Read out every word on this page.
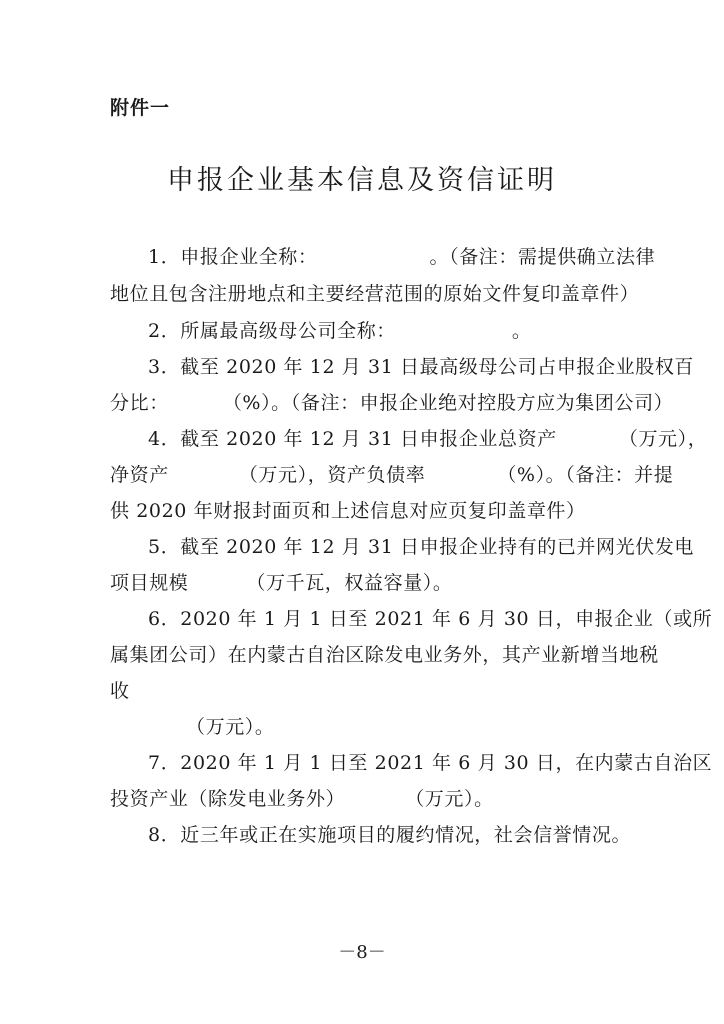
附件一
申报企业基本信息及资信证明
1．申报企业全称：	。（备注：需提供确立法律
地位且包含注册地点和主要经营范围的原始文件复印盖章件）
2．所属最高级母公司全称：	。
3．截至 2020 年 12 月 31 日最高级母公司占申报企业股权百
分比：	（%）。（备注：申报企业绝对控股方应为集团公司）
4．截至 2020 年 12 月 31 日申报企业总资产	（万元），
净资产	（万元），资产负债率	（%）。（备注：并提
供 2020 年财报封面页和上述信息对应页复印盖章件）
5．截至 2020 年 12 月 31 日申报企业持有的已并网光伏发电
项目规模	（万千瓦，权益容量）。
6．2020 年 1 月 1 日至 2021 年 6 月 30 日，申报企业（或所
属集团公司）在内蒙古自治区除发电业务外，其产业新增当地税
收
（万元）。
7．2020 年 1 月 1 日至 2021 年 6 月 30 日，在内蒙古自治区
投资产业（除发电业务外）	（万元）。
8．近三年或正在实施项目的履约情况，社会信誉情况。
－8－
